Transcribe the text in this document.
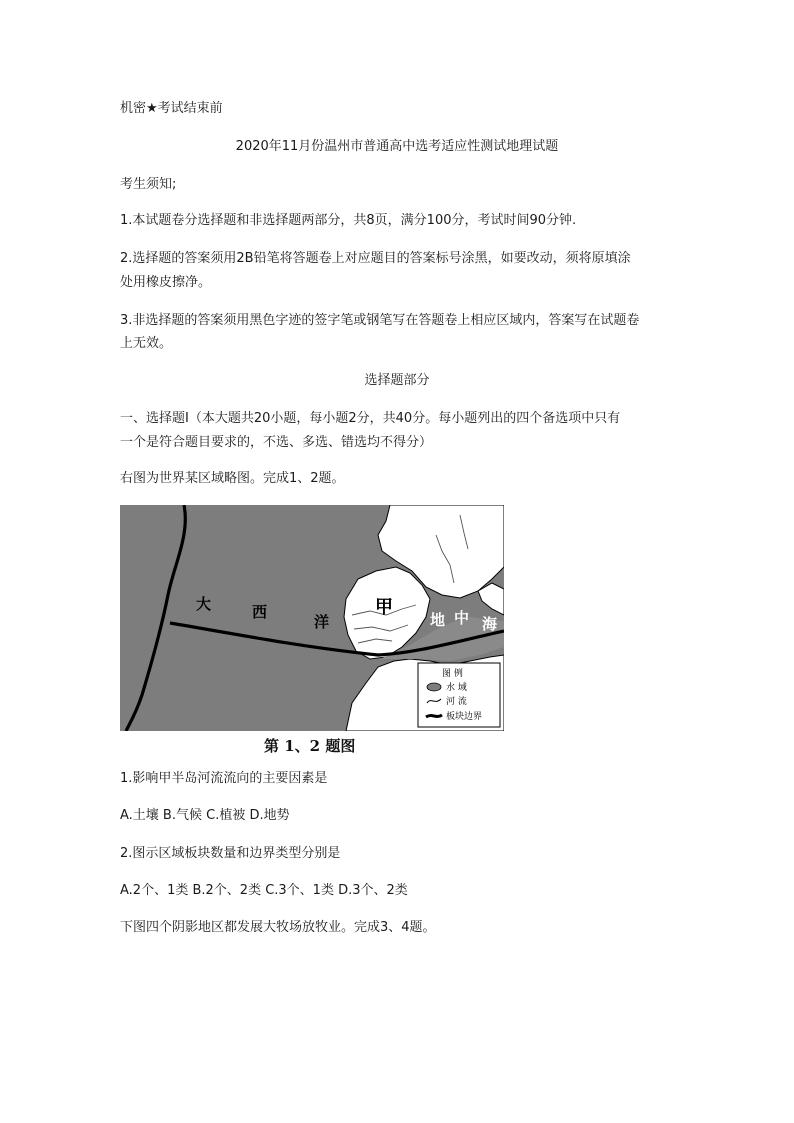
机密★考试结束前
2020年11月份温州市普通高中选考适应性测试地理试题
考生须知;
1.本试题卷分选择题和非选择题两部分，共8页，满分100分，考试时间90分钟.
2.选择题的答案须用2B铅笔将答题卷上对应题目的答案标号涂黑，如要改动，须将原填涂
处用橡皮擦净。
3.非选择题的答案须用黑色字迹的签字笔或钢笔写在答题卷上相应区域内，答案写在试题卷
上无效。
选择题部分
一、选择题Ⅰ（本大题共20小题，每小题2分，共40分。每小题列出的四个备选项中只有
一个是符合题目要求的，不选、多选、错选均不得分）
右图为世界某区域略图。完成1、2题。
大	西
洋
甲
地 中 海
图 例
水 域
河 流
板块边界
第 1、2 题图
1.影响甲半岛河流流向的主要因素是
A.土壤 B.气候 C.植被 D.地势
2.图示区域板块数量和边界类型分别是
A.2个、1类 B.2个、2类 C.3个、1类 D.3个、2类
下图四个阴影地区都发展大牧场放牧业。完成3、4题。
